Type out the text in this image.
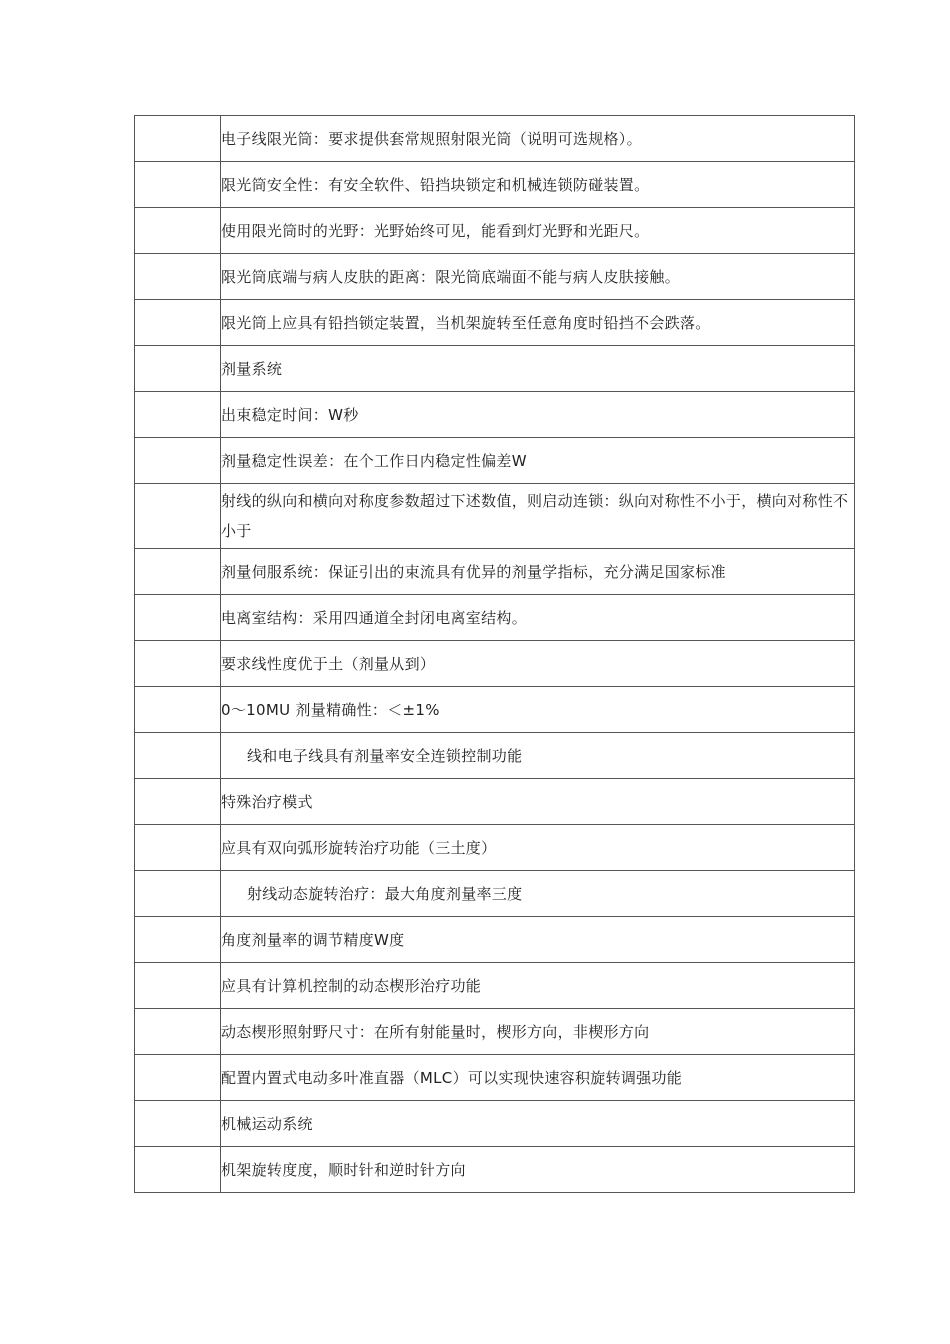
	电子线限光筒：要求提供套常规照射限光筒（说明可选规格）。
	限光筒安全性：有安全软件、铅挡块锁定和机械连锁防碰装置。
	使用限光筒时的光野：光野始终可见，能看到灯光野和光距尺。
	限光筒底端与病人皮肤的距离：限光筒底端面不能与病人皮肤接触。
	限光筒上应具有铅挡锁定装置，当机架旋转至任意角度时铅挡不会跌落。
	剂量系统
	出束稳定时间：W秒
	剂量稳定性误差：在个工作日内稳定性偏差W
	射线的纵向和横向对称度参数超过下述数值，则启动连锁：纵向对称性不小于，横向对称性不小于
	剂量伺服系统：保证引出的束流具有优异的剂量学指标，充分满足国家标准
	电离室结构：采用四通道全封闭电离室结构。
	要求线性度优于土（剂量从到）
	0〜10MU 剂量精确性：＜±1%
	线和电子线具有剂量率安全连锁控制功能
	特殊治疗模式
	应具有双向弧形旋转治疗功能（三土度）
	射线动态旋转治疗：最大角度剂量率三度
	角度剂量率的调节精度W度
	应具有计算机控制的动态楔形治疗功能
	动态楔形照射野尺寸：在所有射能量时，楔形方向，非楔形方向
	配置内置式电动多叶准直器（MLC）可以实现快速容积旋转调强功能
	机械运动系统
	机架旋转度度，顺时针和逆时针方向
